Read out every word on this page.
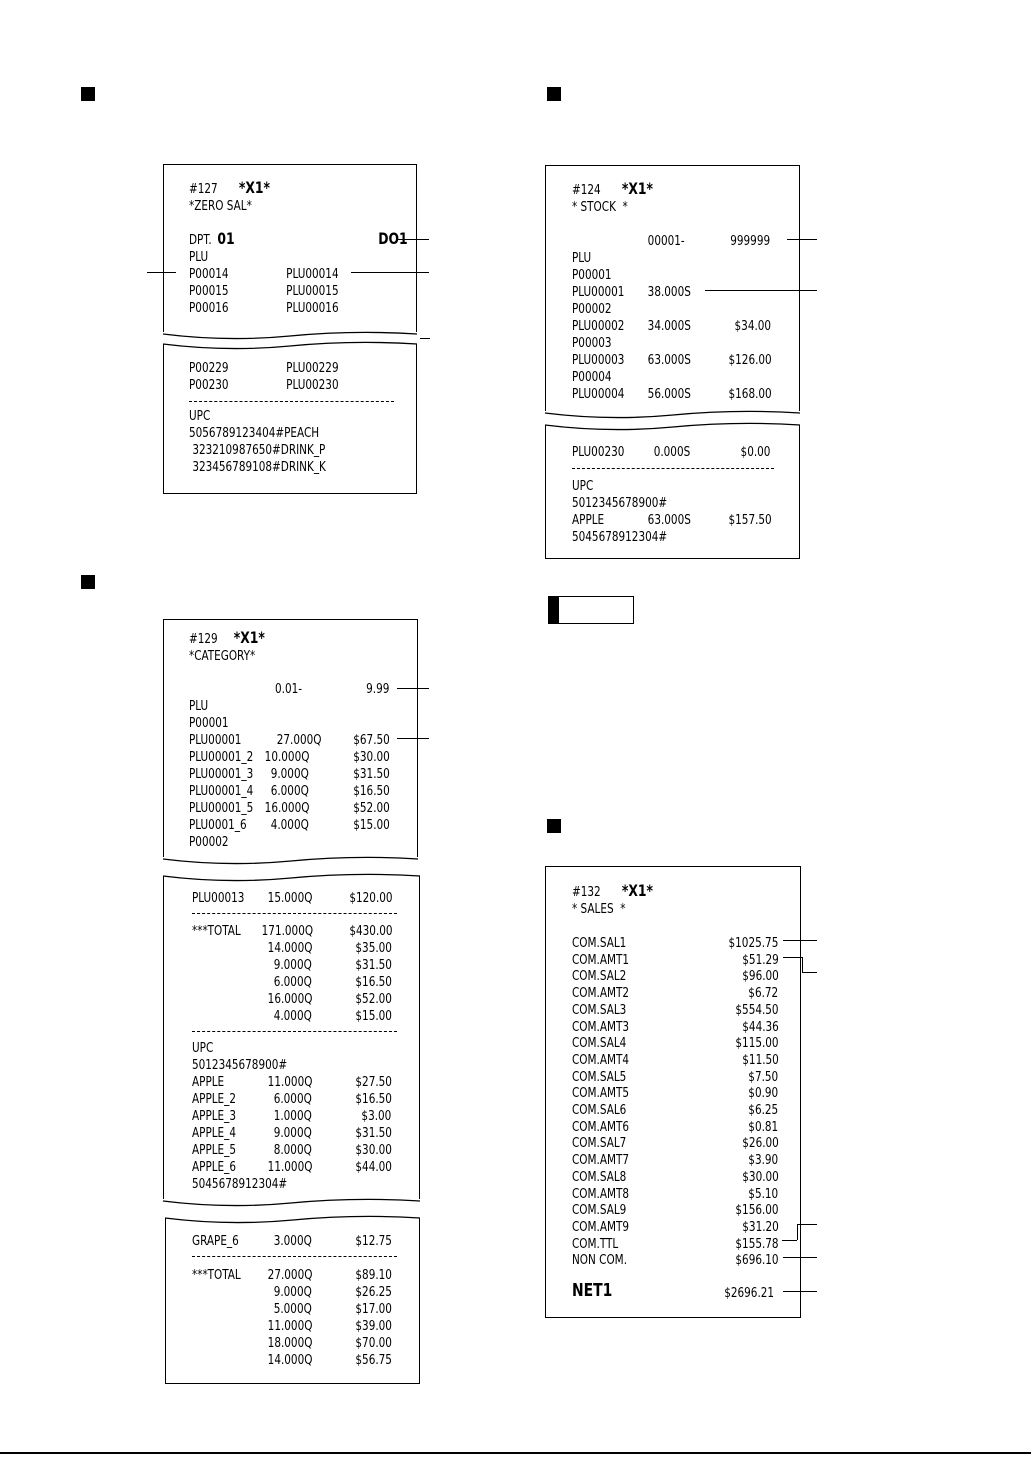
#127 *X1*
*ZERO SAL*
DPT. 01	DO1
PLU
P00014	PLU00014
P00015	PLU00015
P00016	PLU00016
P00229	PLU00229
P00230	PLU00230
UPC
5056789123404#PEACH
323210987650#DRINK_P
323456789108#DRINK_K
#124 *X1*
* STOCK  *
00001-	999999
PLU
P00001
PLU00001 38.000S
P00002
PLU00002 34.000S	$34.00
P00003
PLU00003 63.000S	$126.00
P00004
PLU00004 56.000S	$168.00
PLU00230 0.000S	$0.00
UPC
5012345678900#
APPLE	63.000S	$157.50
5045678912304#
#129 *X1*
*CATEGORY*
0.01-	9.99
PLU
P00001
PLU00001	27.000Q $67.50
PLU00001_2 10.000Q	$30.00
PLU00001_3 9.000Q	$31.50
PLU00001_4 6.000Q	$16.50
PLU00001_5 16.000Q	$52.00
PLU0001_6 4.000Q	$15.00
P00002
PLU00013 15.000Q	$120.00
***TOTAL 171.000Q	$430.00
14.000Q	$35.00
9.000Q	$31.50
6.000Q	$16.50
16.000Q	$52.00
4.000Q	$15.00
UPC
5012345678900#
APPLE	11.000Q	$27.50
APPLE_2	6.000Q	$16.50
APPLE_3	1.000Q	$3.00
APPLE_4	9.000Q	$31.50
APPLE_5	8.000Q	$30.00
APPLE_6 11.000Q	$44.00
5045678912304#
GRAPE_6	3.000Q	$12.75
***TOTAL 27.000Q	$89.10
9.000Q	$26.25
5.000Q	$17.00
11.000Q	$39.00
18.000Q	$70.00
14.000Q	$56.75
#132 *X1*
* SALES  *
COM.SAL1	$1025.75
COM.AMT1	$51.29
COM.SAL2	$96.00
COM.AMT2	$6.72
COM.SAL3	$554.50
COM.AMT3	$44.36
COM.SAL4	$115.00
COM.AMT4	$11.50
COM.SAL5	$7.50
COM.AMT5	$0.90
COM.SAL6	$6.25
COM.AMT6	$0.81
COM.SAL7	$26.00
COM.AMT7	$3.90
COM.SAL8	$30.00
COM.AMT8	$5.10
COM.SAL9	$156.00
COM.AMT9	$31.20
COM.TTL	$155.78
NON COM.	$696.10
NET1	$2696.21
